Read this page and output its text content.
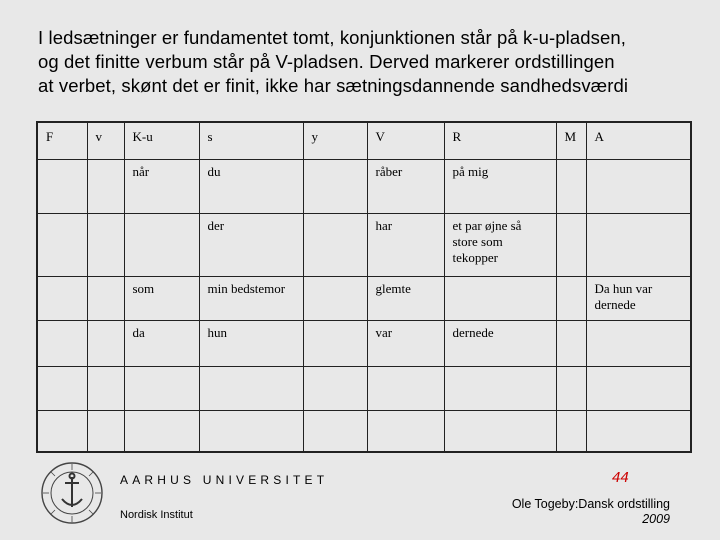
I ledsætninger er fundamentet tomt, konjunktionen står på k-u-pladsen,
og det finitte verbum står på V-pladsen. Derved markerer ordstillingen
at verbet, skønt det er finit, ikke har sætningsdannende sandhedsværdi
F	v	K-u	s	y	V	R	M	A
		når	du		råber	på mig		
			der		har	et par øjne så store som tekopper		
		som	min bedstemor		glemte			Da hun var dernede
		da	hun		var	dernede		

AARHUS UNIVERSITET
Nordisk Institut
44
Ole Togeby:Dansk ordstilling
2009
